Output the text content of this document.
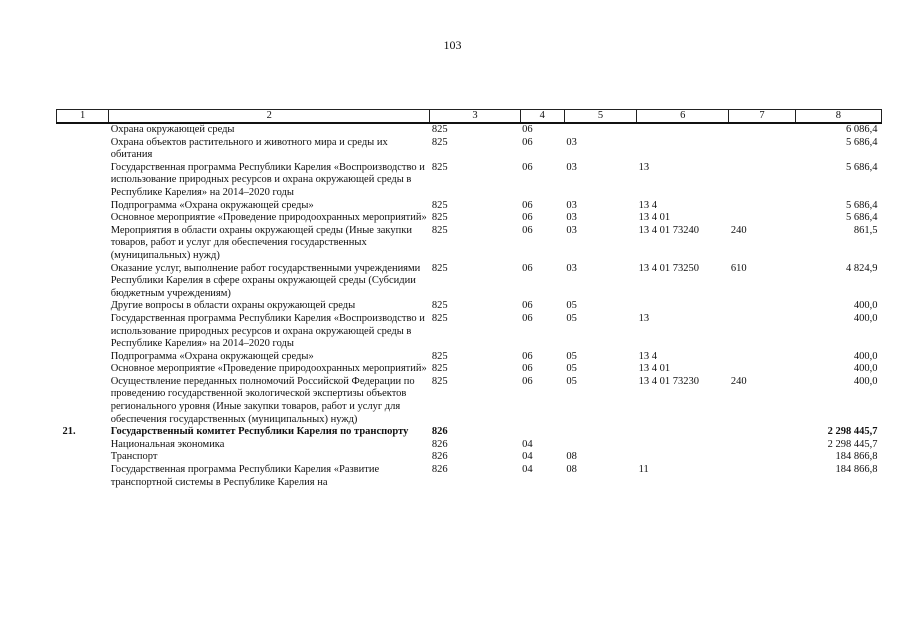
103
1	2	3	4	5	6	7	8
	Охрана окружающей среды	825	06				6 086,4
	Охрана объектов растительного и животного мира и среды их обитания	825	06	03			5 686,4
	Государственная программа Республики Карелия «Воспроизводство и использование природных ресурсов и охрана окружающей среды в Республике Карелия» на 2014–2020 годы	825	06	03	13		5 686,4
	Подпрограмма «Охрана окружающей среды»	825	06	03	13 4		5 686,4
	Основное мероприятие «Проведение природоохранных мероприятий»	825	06	03	13 4 01		5 686,4
	Мероприятия в области охраны окружающей среды (Иные закупки товаров, работ и услуг для обеспечения государственных (муниципальных) нужд)	825	06	03	13 4 01 73240	240	861,5
	Оказание услуг, выполнение работ государственными учреждениями Республики Карелия в сфере охраны окружающей среды (Субсидии бюджетным учреждениям)	825	06	03	13 4 01 73250	610	4 824,9
	Другие вопросы в области охраны окружающей среды	825	06	05			400,0
	Государственная программа Республики Карелия «Воспроизводство и использование природных ресурсов и охрана окружающей среды в Республике Карелия» на 2014–2020 годы	825	06	05	13		400,0
	Подпрограмма «Охрана окружающей среды»	825	06	05	13 4		400,0
	Основное мероприятие «Проведение природоохранных мероприятий»	825	06	05	13 4 01		400,0
	Осуществление переданных полномочий Российской Федерации по проведению государственной экологической экспертизы объектов регионального уровня (Иные закупки товаров, работ и услуг для обеспечения государственных (муниципальных) нужд)	825	06	05	13 4 01 73230	240	400,0
21.	Государственный комитет Республики Карелия по транспорту	826					2 298 445,7
	Национальная экономика	826	04				2 298 445,7
	Транспорт	826	04	08			184 866,8
	Государственная программа Республики Карелия «Развитие транспортной системы в Республике Карелия на	826	04	08	11		184 866,8
